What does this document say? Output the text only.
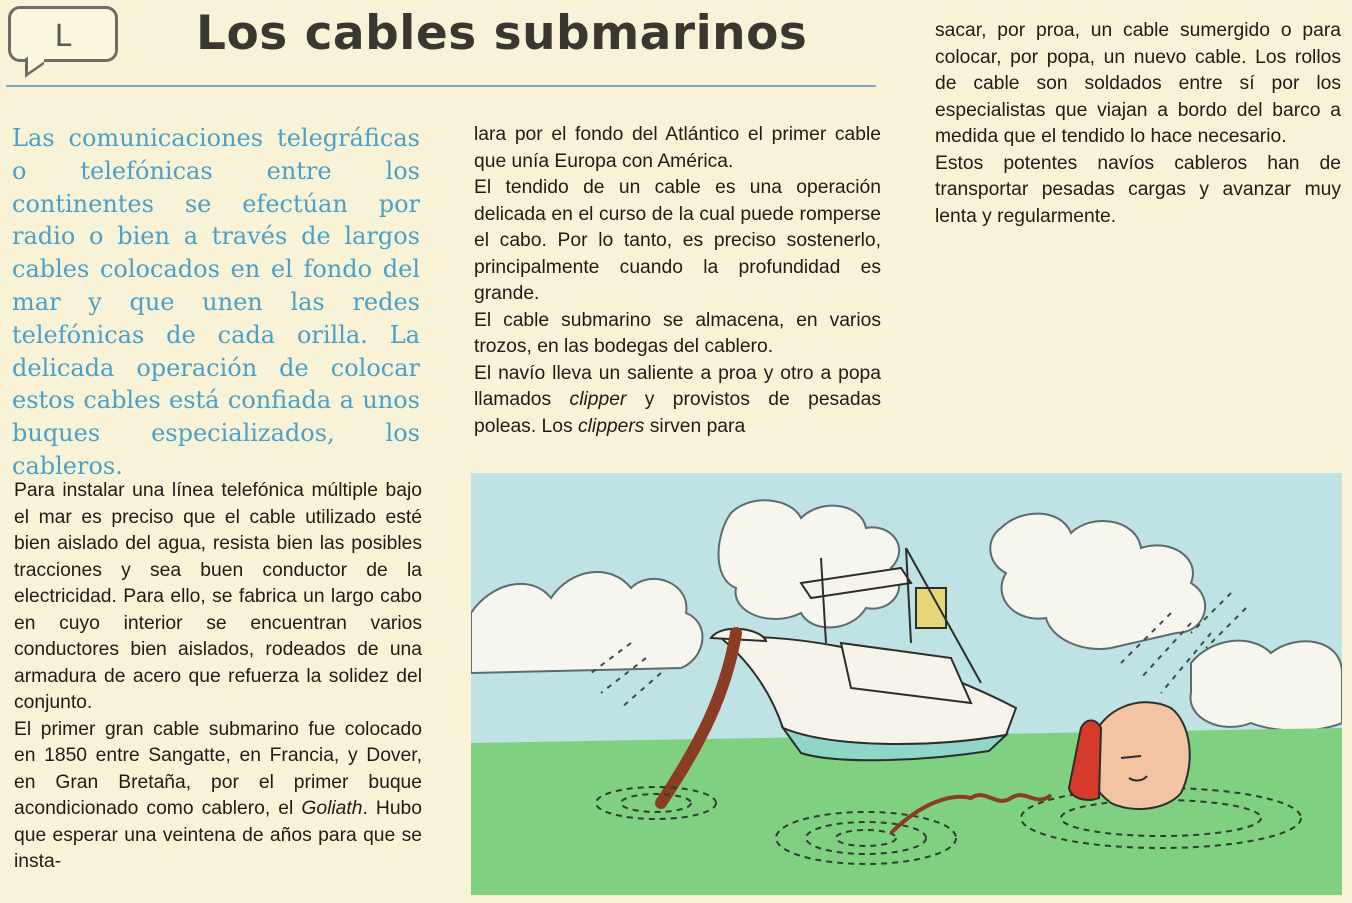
L	Los cables submarinos

Las comunicaciones telegráficas o telefónicas entre los continentes se efectúan por radio o bien a través de largos cables colocados en el fondo del mar y que unen las redes telefónicas de cada orilla. La delicada operación de colocar estos cables está confiada a unos buques especializados, los cableros.

Para instalar una línea telefónica múltiple bajo el mar es preciso que el cable utilizado esté bien aislado del agua, resista bien las posibles tracciones y sea buen conductor de la electricidad. Para ello, se fabrica un largo cabo en cuyo interior se encuentran varios conductores bien aislados, rodeados de una armadura de acero que refuerza la solidez del conjunto.

El primer gran cable submarino fue colocado en 1850 entre Sangatte, en Francia, y Dover, en Gran Bretaña, por el primer buque acondicionado como cablero, el Goliath. Hubo que esperar una veintena de años para que se insta-

lara por el fondo del Atlántico el primer cable que unía Europa con América.

El tendido de un cable es una operación delicada en el curso de la cual puede romperse el cabo. Por lo tanto, es preciso sostenerlo, principalmente cuando la profundidad es grande.

El cable submarino se almacena, en varios trozos, en las bodegas del cablero.

El navío lleva un saliente a proa y otro a popa llamados clipper y provistos de pesadas poleas. Los clippers sirven para

sacar, por proa, un cable sumergido o para colocar, por popa, un nuevo cable. Los rollos de cable son soldados entre sí por los especialistas que viajan a bordo del barco a medida que el tendido lo hace necesario.

Estos potentes navíos cableros han de transportar pesadas cargas y avanzar muy lenta y regularmente.
